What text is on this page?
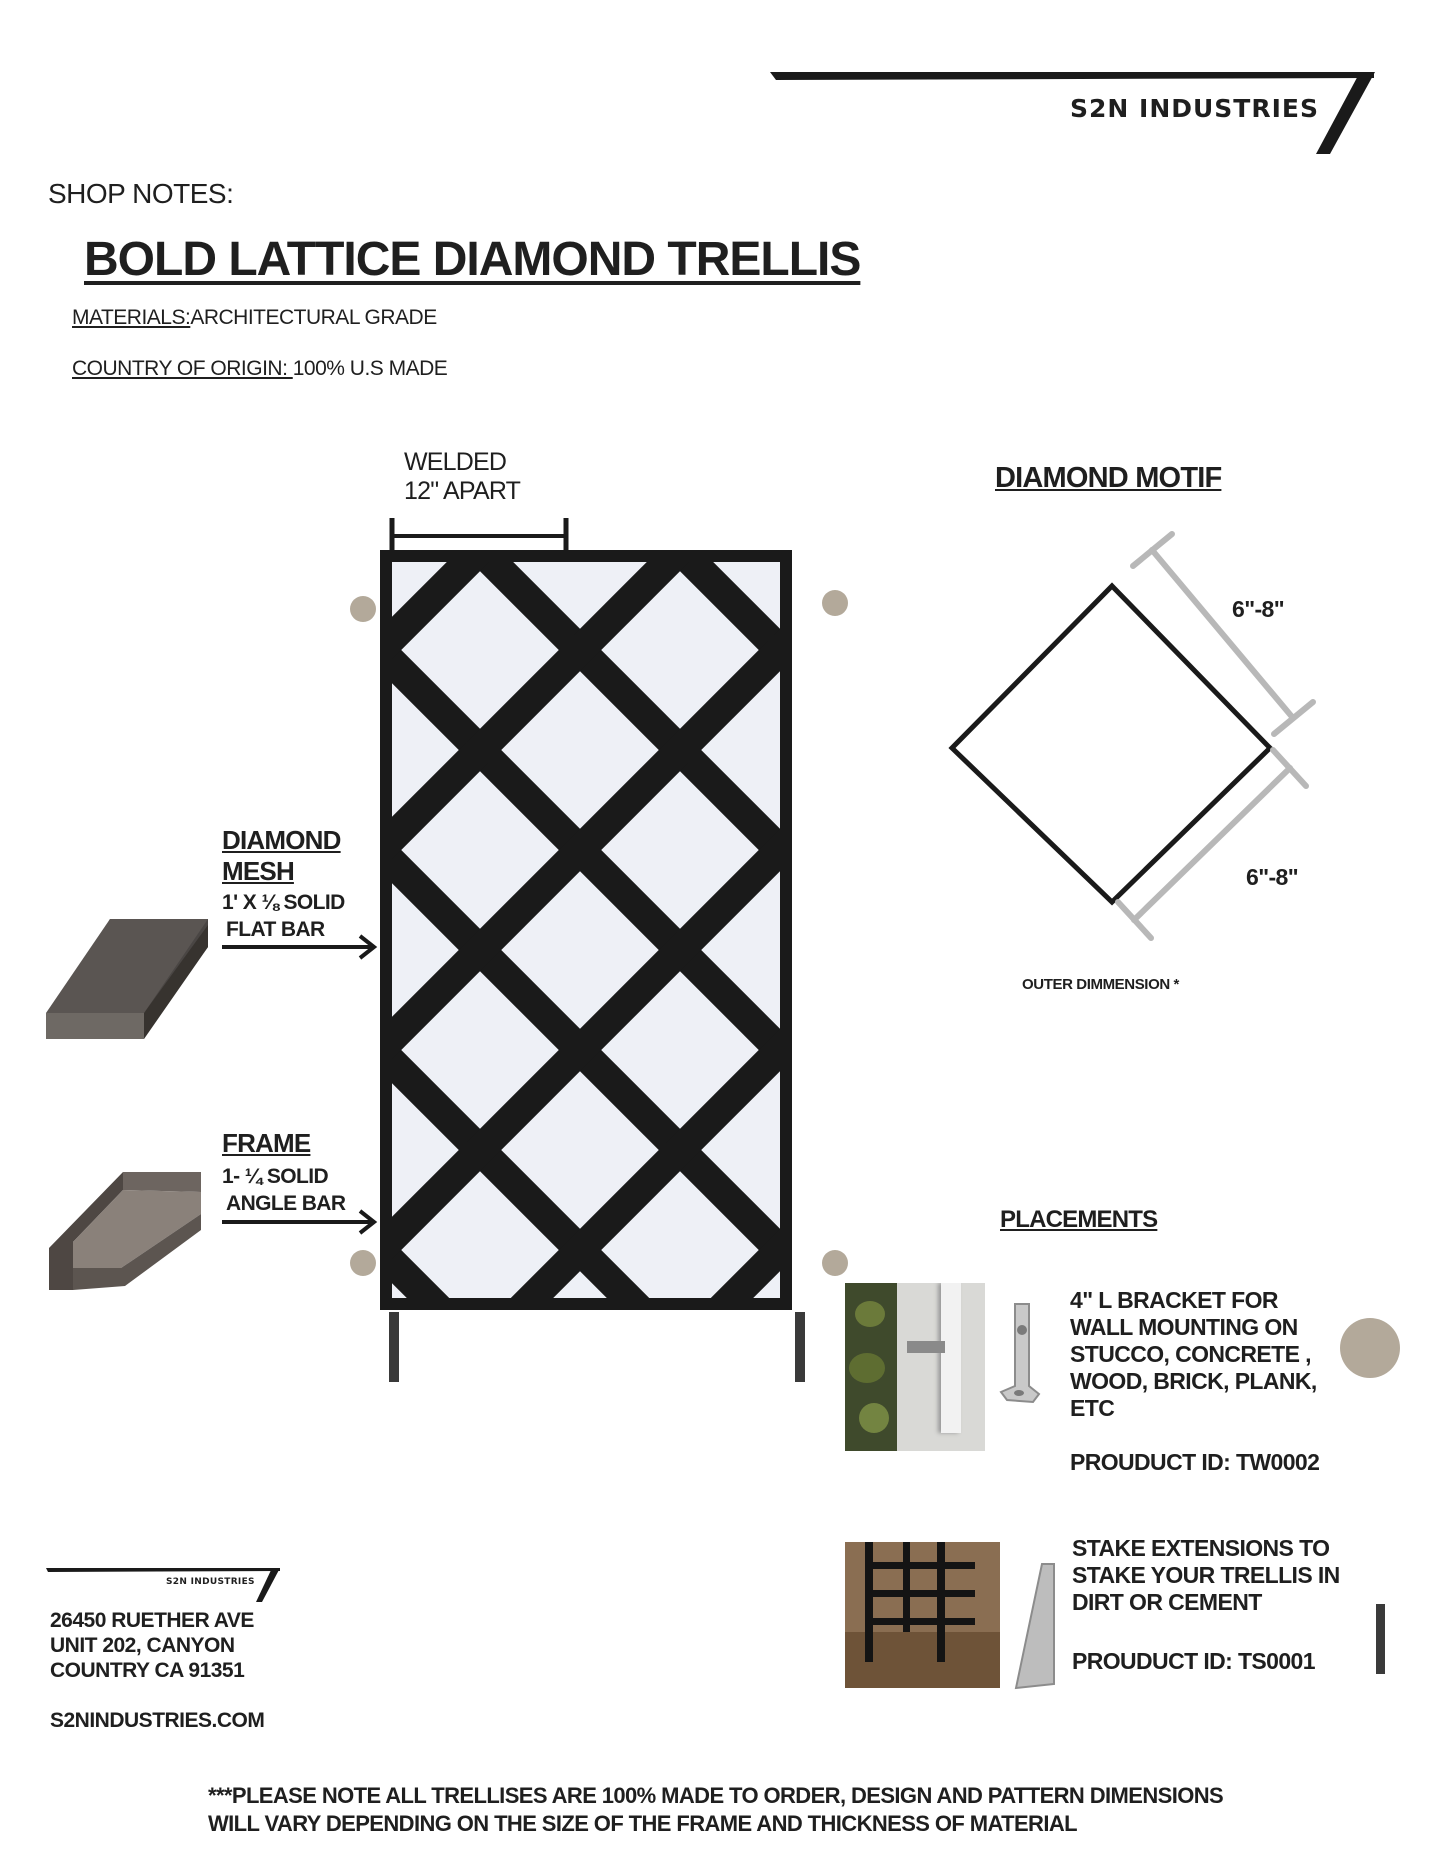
S2N INDUSTRIES
SHOP NOTES:
BOLD LATTICE DIAMOND TRELLIS
MATERIALS:ARCHITECTURAL GRADE
COUNTRY OF ORIGIN: 100% U.S MADE
WELDED
12" APART
DIAMOND
MESH
1' X ⅛ SOLID
FLAT BAR
FRAME
1- ¼ SOLID
ANGLE BAR
DIAMOND MOTIF
6"-8"
6"-8"
OUTER DIMMENSION *
PLACEMENTS
4" L BRACKET FOR
WALL MOUNTING ON
STUCCO, CONCRETE ,
WOOD, BRICK, PLANK,
ETC
PROUDUCT ID: TW0002
STAKE EXTENSIONS TO
STAKE YOUR TRELLIS IN
DIRT OR CEMENT
PROUDUCT ID: TS0001
S2N INDUSTRIES
26450 RUETHER AVE
UNIT 202, CANYON
COUNTRY CA 91351
S2NINDUSTRIES.COM
***PLEASE NOTE ALL TRELLISES ARE 100% MADE TO ORDER, DESIGN AND PATTERN DIMENSIONS
WILL VARY DEPENDING ON THE SIZE OF THE FRAME AND THICKNESS OF MATERIAL
